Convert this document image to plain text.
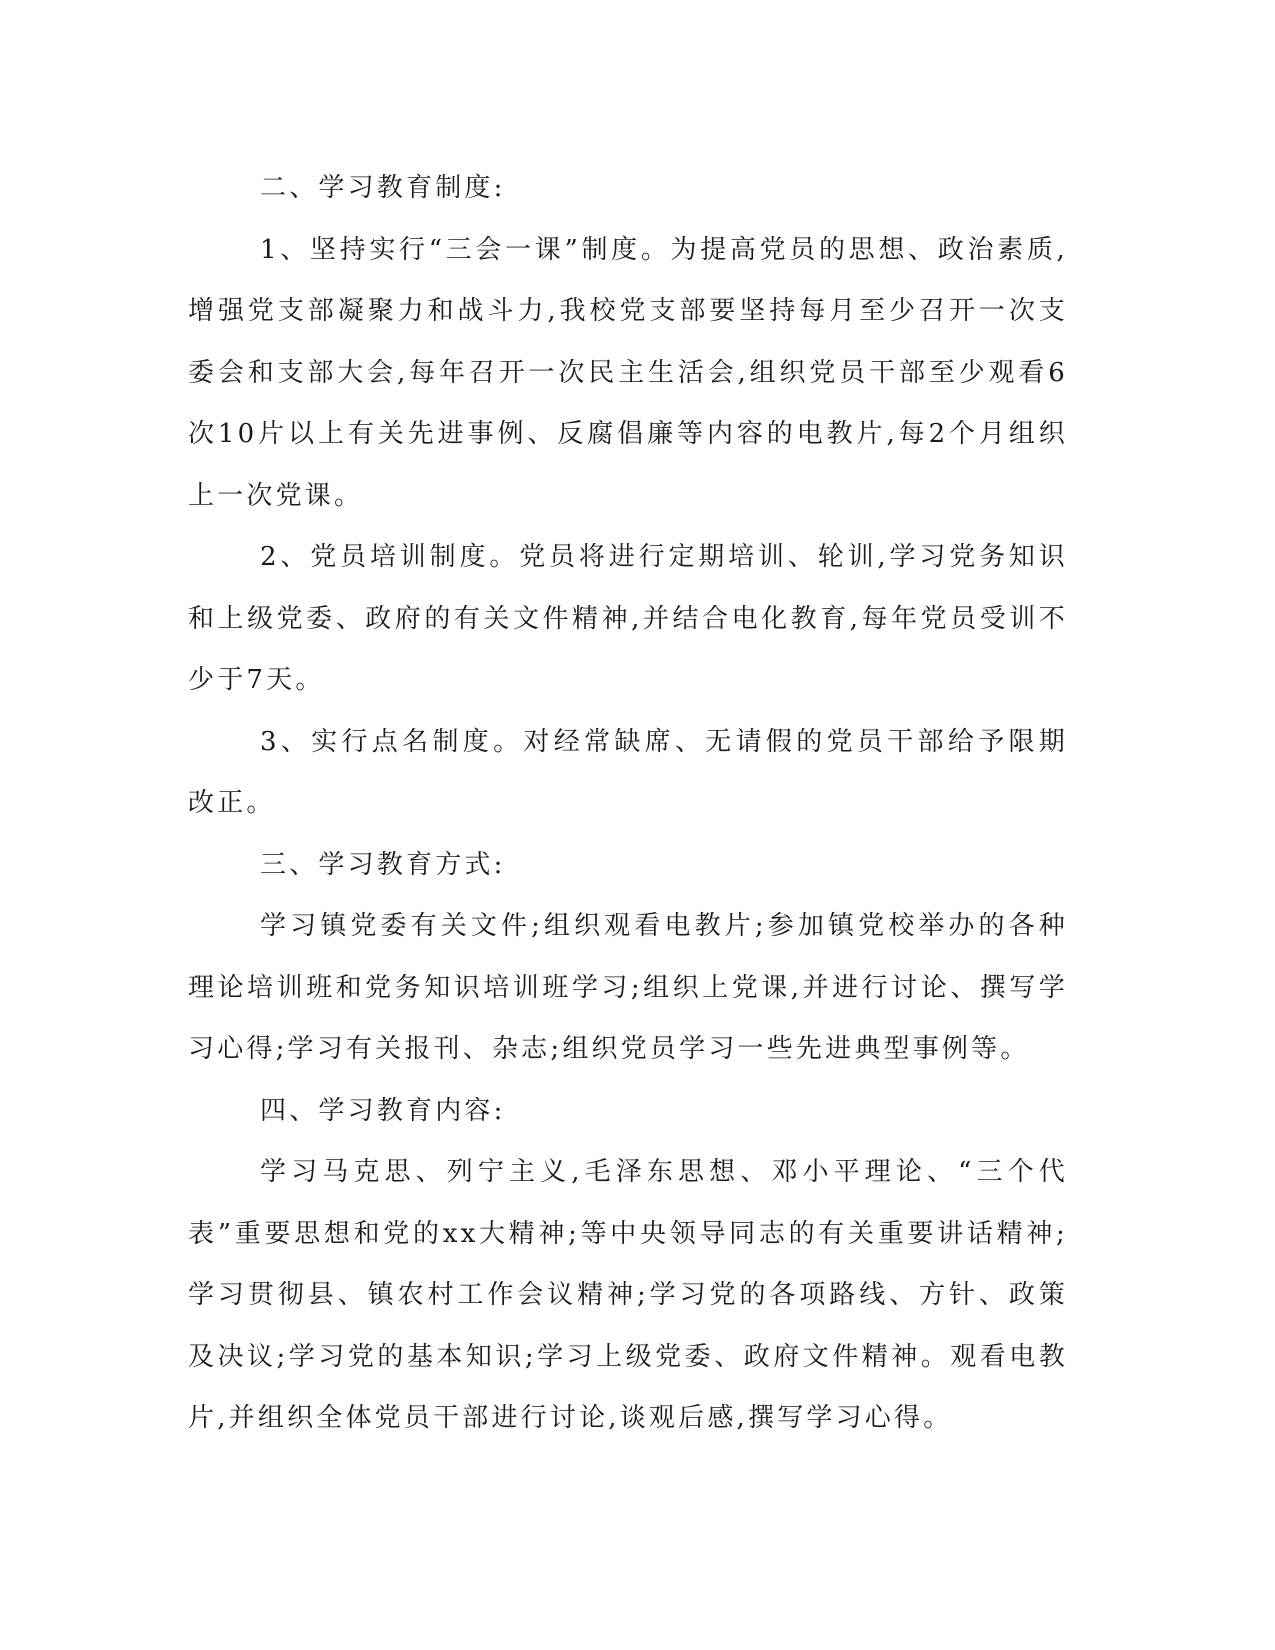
二、学习教育制度:

1、坚持实行“三会一课”制度。为提高党员的思想、政治素质,增强党支部凝聚力和战斗力,我校党支部要坚持每月至少召开一次支委会和支部大会,每年召开一次民主生活会,组织党员干部至少观看6次10片以上有关先进事例、反腐倡廉等内容的电教片,每2个月组织上一次党课。

2、党员培训制度。党员将进行定期培训、轮训,学习党务知识和上级党委、政府的有关文件精神,并结合电化教育,每年党员受训不少于7天。

3、实行点名制度。对经常缺席、无请假的党员干部给予限期改正。

三、学习教育方式:

学习镇党委有关文件;组织观看电教片;参加镇党校举办的各种理论培训班和党务知识培训班学习;组织上党课,并进行讨论、撰写学习心得;学习有关报刊、杂志;组织党员学习一些先进典型事例等。

四、学习教育内容:

学习马克思、列宁主义,毛泽东思想、邓小平理论、“三个代表”重要思想和党的xx大精神;等中央领导同志的有关重要讲话精神;学习贯彻县、镇农村工作会议精神;学习党的各项路线、方针、政策及决议;学习党的基本知识;学习上级党委、政府文件精神。观看电教片,并组织全体党员干部进行讨论,谈观后感,撰写学习心得。
